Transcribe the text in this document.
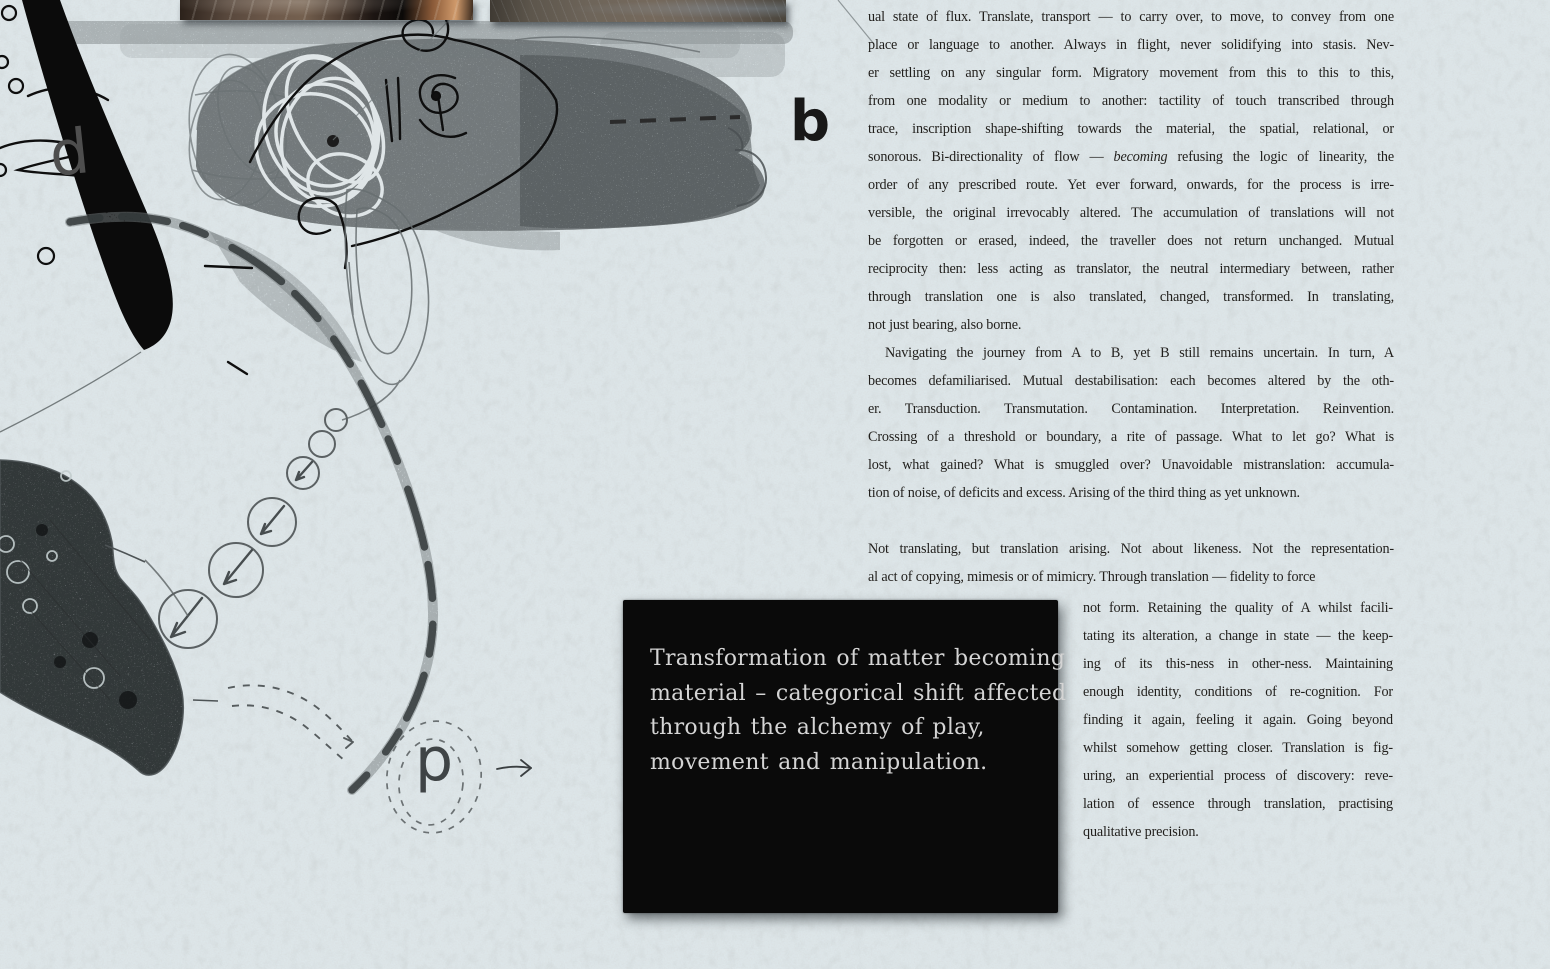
d	b
p
Transformation of matter becoming
material – categorical shift affected
through the alchemy of play,
movement and manipulation.
ual state of flux. Translate, transport — to carry over, to move, to convey from one
place or language to another. Always in flight, never solidifying into stasis. Nev-
er settling on any singular form. Migratory movement from this to this to this,
from one modality or medium to another: tactility of touch transcribed through
trace, inscription shape-shifting towards the material, the spatial, relational, or
sonorous. Bi-directionality of flow — becoming refusing the logic of linearity, the
order of any prescribed route. Yet ever forward, onwards, for the process is irre-
versible, the original irrevocably altered. The accumulation of translations will not
be forgotten or erased, indeed, the traveller does not return unchanged. Mutual
reciprocity then: less acting as translator, the neutral intermediary between, rather
through translation one is also translated, changed, transformed. In translating,
not just bearing, also borne.
Navigating the journey from A to B, yet B still remains uncertain. In turn, A
becomes defamiliarised. Mutual destabilisation: each becomes altered by the oth-
er. Transduction. Transmutation. Contamination. Interpretation. Reinvention.
Crossing of a threshold or boundary, a rite of passage. What to let go? What is
lost, what gained? What is smuggled over? Unavoidable mistranslation: accumula-
tion of noise, of deficits and excess. Arising of the third thing as yet unknown.
Not translating, but translation arising. Not about likeness. Not the representation-
al act of copying, mimesis or of mimicry. Through translation — fidelity to force
not form. Retaining the quality of A whilst facili-
tating its alteration, a change in state — the keep-
ing of its this-ness in other-ness. Maintaining
enough identity, conditions of re-cognition. For
finding it again, feeling it again. Going beyond
whilst somehow getting closer. Translation is fig-
uring, an experiential process of discovery: reve-
lation of essence through translation, practising
qualitative precision.
